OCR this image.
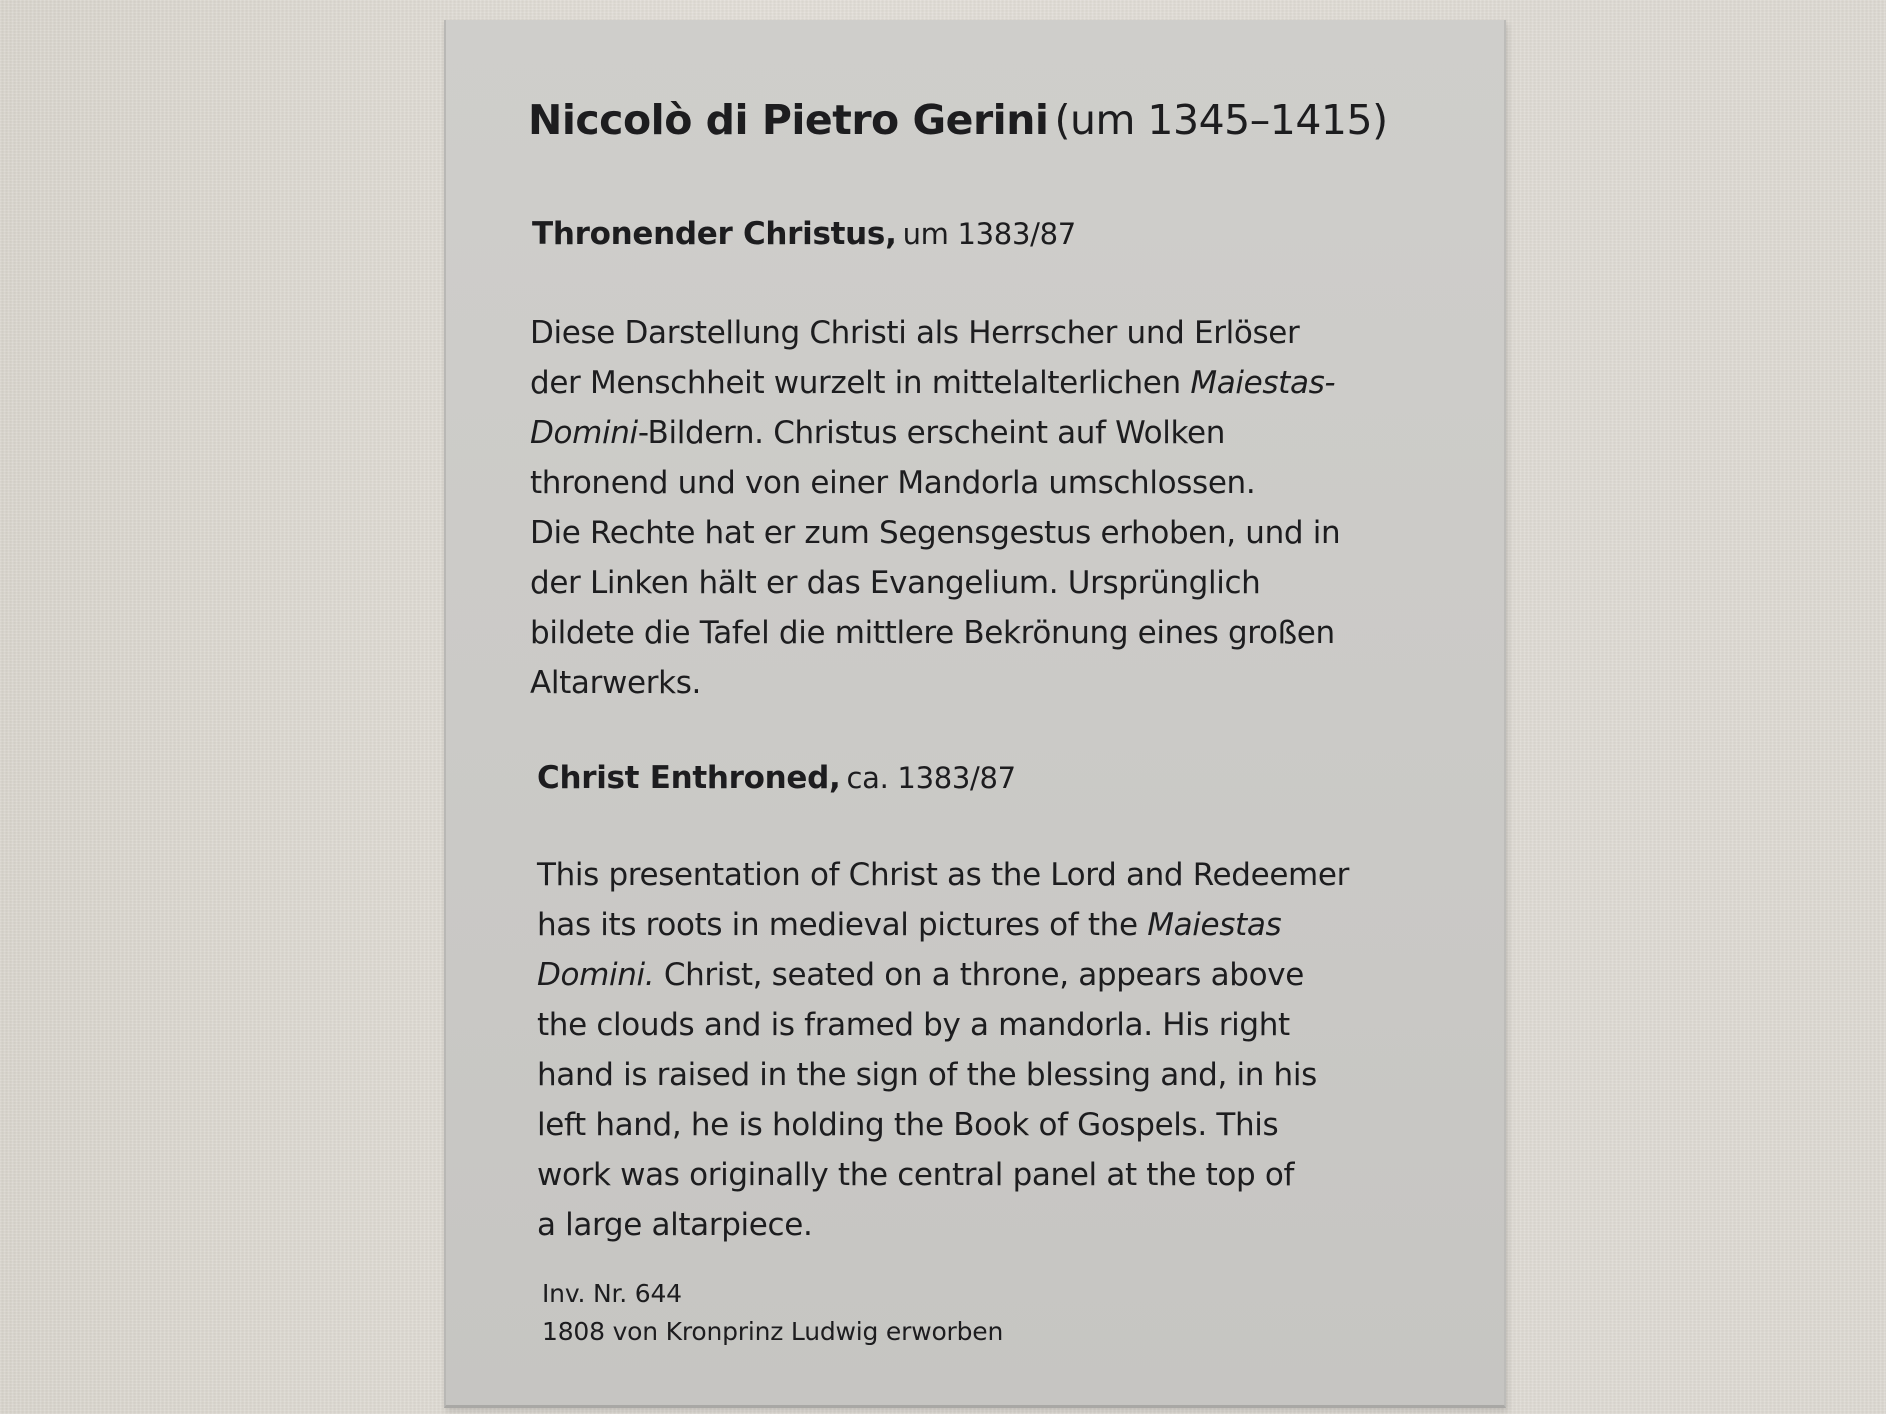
Niccolò di Pietro Gerini (um 1345–1415)
Thronender Christus, um 1383/87
Diese Darstellung Christi als Herrscher und Erlöser
der Menschheit wurzelt in mittelalterlichen Maiestas-
Domini-Bildern. Christus erscheint auf Wolken
thronend und von einer Mandorla umschlossen.
Die Rechte hat er zum Segensgestus erhoben, und in
der Linken hält er das Evangelium. Ursprünglich
bildete die Tafel die mittlere Bekrönung eines großen
Altarwerks.
Christ Enthroned, ca. 1383/87
This presentation of Christ as the Lord and Redeemer
has its roots in medieval pictures of the Maiestas
Domini. Christ, seated on a throne, appears above
the clouds and is framed by a mandorla. His right
hand is raised in the sign of the blessing and, in his
left hand, he is holding the Book of Gospels. This
work was originally the central panel at the top of
a large altarpiece.
Inv. Nr. 644
1808 von Kronprinz Ludwig erworben
